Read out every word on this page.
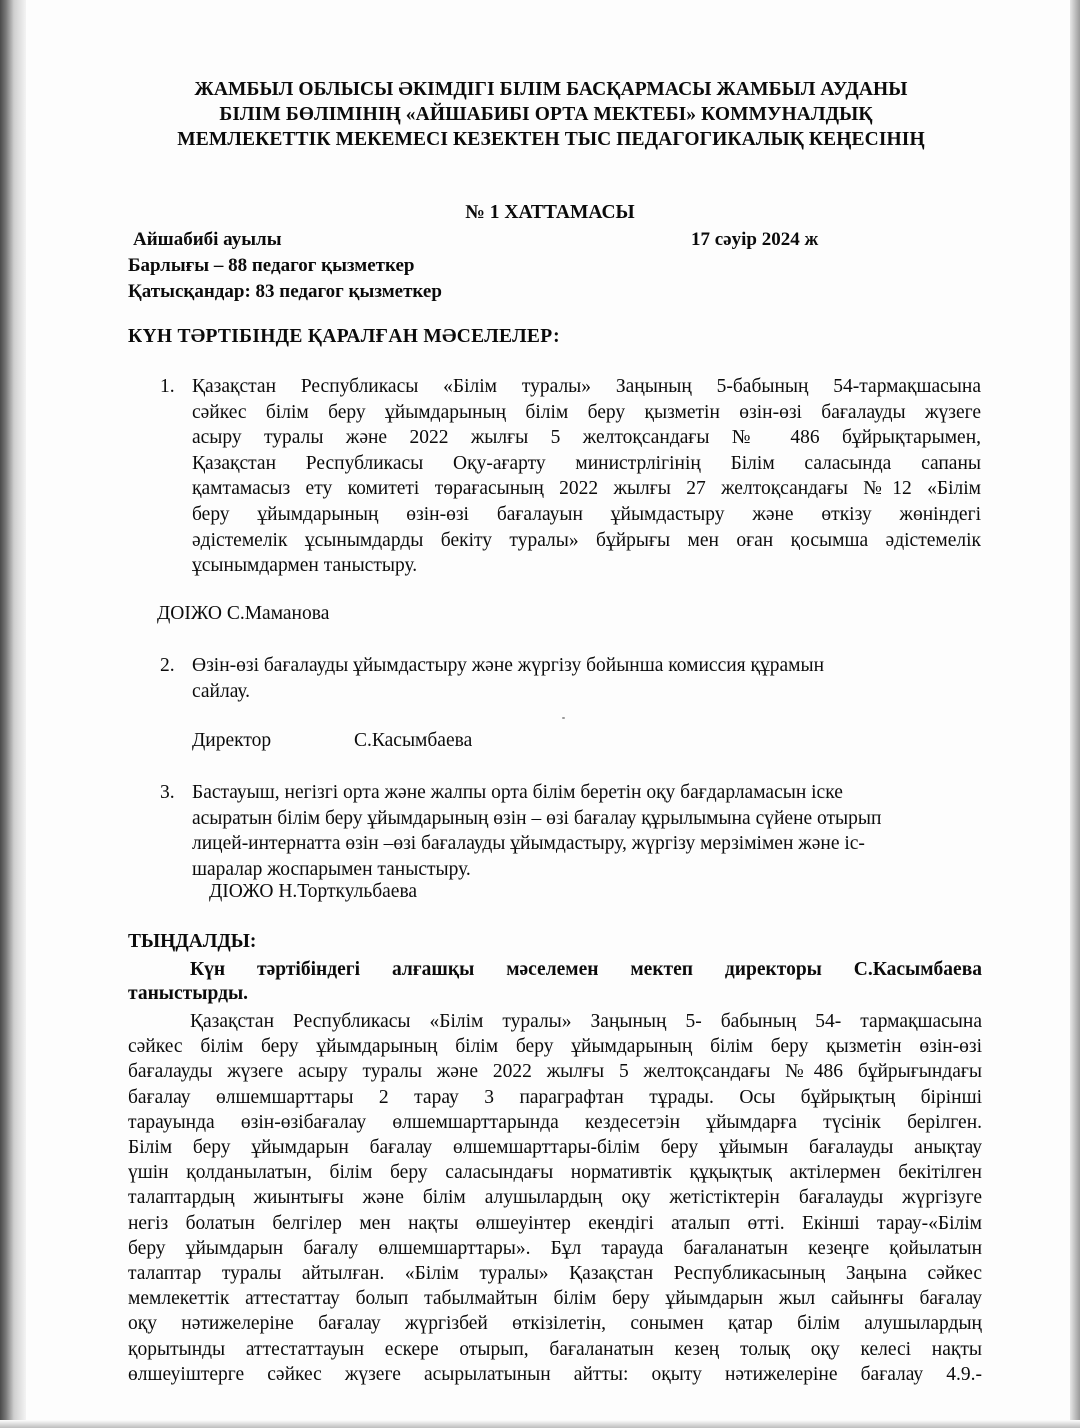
ЖАМБЫЛ ОБЛЫСЫ ӘКІМДІГІ БІЛІМ БАСҚАРМАСЫ ЖАМБЫЛ АУДАНЫ
БІЛІМ БӨЛІМІНІҢ «АЙШАБИБІ ОРТА МЕКТЕБІ» КОММУНАЛДЫҚ
МЕМЛЕКЕТТІК МЕКЕМЕСІ КЕЗЕКТЕН ТЫС ПЕДАГОГИКАЛЫҚ КЕҢЕСІНІҢ
№ 1 ХАТТАМАСЫ
Айшабибі ауылы	17 сәуір 2024 ж
Барлығы – 88 педагог қызметкер
Қатысқандар: 83 педагог қызметкер
КҮН ТӘРТІБІНДЕ ҚАРАЛҒАН МӘСЕЛЕЛЕР:
1. Қазақстан Республикасы «Білім туралы» Заңының 5-бабының 54-тармақшасына
сәйкес білім беру ұйымдарының білім беру қызметін өзін-өзі бағалауды жүзеге
асыру туралы және 2022 жылғы 5 желтоқсандағы № 486 бұйрықтарымен,
Қазақстан Республикасы Оқу-ағарту министрлігінің Білім саласында сапаны
қамтамасыз ету комитеті төрағасының 2022 жылғы 27 желтоқсандағы №12 «Білім
беру ұйымдарының өзін-өзі бағалауын ұйымдастыру және өткізу жөніндегі
әдістемелік ұсынымдарды бекіту туралы» бұйрығы мен оған қосымша әдістемелік
ұсынымдармен таныстыру.
ДОІЖО С.Маманова
2. Өзін-өзі бағалауды ұйымдастыру және жүргізу бойынша комиссия құрамын
сайлау.
Директор	С.Касымбаева
3. Бастауыш, негізгі орта және жалпы орта білім беретін оқу бағдарламасын іске
асыратын білім беру ұйымдарының өзін – өзі бағалау құрылымына сүйене отырып
лицей-интернатта өзін –өзі бағалауды ұйымдастыру, жүргізу мерзімімен және іс-
шаралар жоспарымен таныстыру.
ДІОЖО Н.Торткульбаева
ТЫҢДАЛДЫ:
Күн тәртібіндегі алғашқы мәселемен мектеп директоры С.Касымбаева
таныстырды.
Қазақстан Республикасы «Білім туралы» Заңының 5- бабының 54- тармақшасына
сәйкес білім беру ұйымдарының білім беру ұйымдарының білім беру қызметін өзін-өзі
бағалауды жүзеге асыру туралы және 2022 жылғы 5 желтоқсандағы №486 бұйрығындағы
бағалау өлшемшарттары 2 тарау 3 параграфтан тұрады. Осы бұйрықтың бірінші
тарауында өзін-өзібағалау өлшемшарттарында кездесетэін ұйымдарға түсінік берілген.
Білім беру ұйымдарын бағалау өлшемшарттары-білім беру ұйымын бағалауды анықтау
үшін қолданылатын, білім беру саласындағы нормативтік құқықтық актілермен бекітілген
талаптардың жиынтығы және білім алушылардың оқу жетістіктерін бағалауды жүргізуге
негіз болатын белгілер мен нақты өлшеуінтер екендігі аталып өтті. Екінші тарау-«Білім
беру ұйымдарын бағалу өлшемшарттары». Бұл тарауда бағаланатын кезеңге қойылатын
талаптар туралы айтылған. «Білім туралы» Қазақстан Республикасының Заңына сәйкес
мемлекеттік аттестаттау болып табылмайтын білім беру ұйымдарын жыл сайынғы бағалау
оқу нәтижелеріне бағалау жүргізбей өткізілетін, сонымен қатар білім алушылардың
қорытынды аттестаттауын ескере отырып, бағаланатын кезең толық оқу келесі нақты
өлшеуіштерге сәйкес жүзеге асырылатынын айтты: оқыту нәтижелеріне бағалау 4.9.-
